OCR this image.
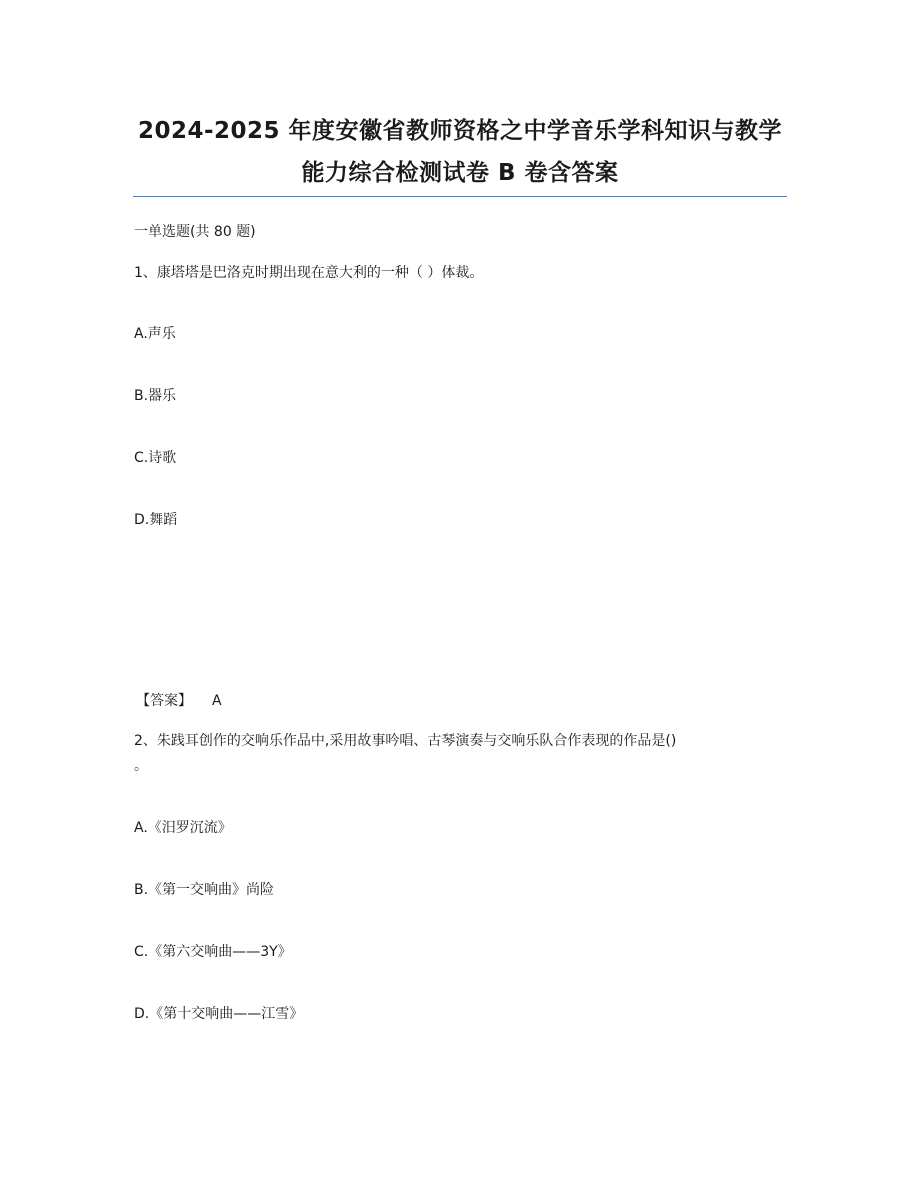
2024-2025 年度安徽省教师资格之中学音乐学科知识与教学
能力综合检测试卷 B 卷含答案
一单选题(共 80 题)
1、康塔塔是巴洛克时期出现在意大利的一种（ ）体裁。
A.声乐
B.器乐
C.诗歌
D.舞蹈
【答案】 A
2、朱践耳创作的交响乐作品中,采用故事吟唱、古琴演奏与交响乐队合作表现的作品是()
。
A.《汨罗沉流》
B.《第一交响曲》尚险
C.《第六交响曲——3Y》
D.《第十交响曲——江雪》
